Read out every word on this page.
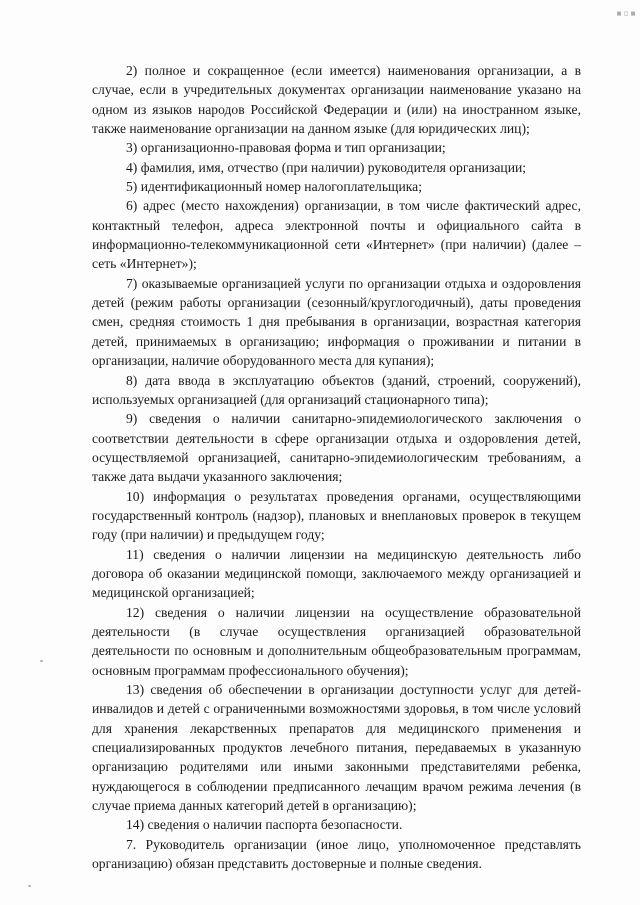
▪
▫
▪

2) полное и сокращенное (если имеется) наименования организации, а в случае, если в учредительных документах организации наименование указано на одном из языков народов Российской Федерации и (или) на иностранном языке, также наименование организации на данном языке (для юридических лиц);

3) организационно-правовая форма и тип организации;

4) фамилия, имя, отчество (при наличии) руководителя организации;

5) идентификационный номер налогоплательщика;

6) адрес (место нахождения) организации, в том числе фактический адрес, контактный телефон, адреса электронной почты и официального сайта в информационно-телекоммуникационной сети «Интернет» (при наличии) (далее – сеть «Интернет»);

7) оказываемые организацией услуги по организации отдыха и оздоровления детей (режим работы организации (сезонный/круглогодичный), даты проведения смен, средняя стоимость 1 дня пребывания в организации, возрастная категория детей, принимаемых в организацию; информация о проживании и питании в организации, наличие оборудованного места для купания);

8) дата ввода в эксплуатацию объектов (зданий, строений, сооружений), используемых организацией (для организаций стационарного типа);

9) сведения о наличии санитарно-эпидемиологического заключения о соответствии деятельности в сфере организации отдыха и оздоровления детей, осуществляемой организацией, санитарно-эпидемиологическим требованиям, а также дата выдачи указанного заключения;

10) информация о результатах проведения органами, осуществляющими государственный контроль (надзор), плановых и внеплановых проверок в текущем году (при наличии) и предыдущем году;

11) сведения о наличии лицензии на медицинскую деятельность либо договора об оказании медицинской помощи, заключаемого между организацией и медицинской организацией;

12) сведения о наличии лицензии на осуществление образовательной деятельности (в случае осуществления организацией образовательной деятельности по основным и дополнительным общеобразовательным программам, основным программам профессионального обучения);

13) сведения об обеспечении в организации доступности услуг для детей-инвалидов и детей с ограниченными возможностями здоровья, в том числе условий для хранения лекарственных препаратов для медицинского применения и специализированных продуктов лечебного питания, передаваемых в указанную организацию родителями или иными законными представителями ребенка, нуждающегося в соблюдении предписанного лечащим врачом режима лечения (в случае приема данных категорий детей в организацию);

14) сведения о наличии паспорта безопасности.

7. Руководитель организации (иное лицо, уполномоченное представлять организацию) обязан представить достоверные и полные сведения.
